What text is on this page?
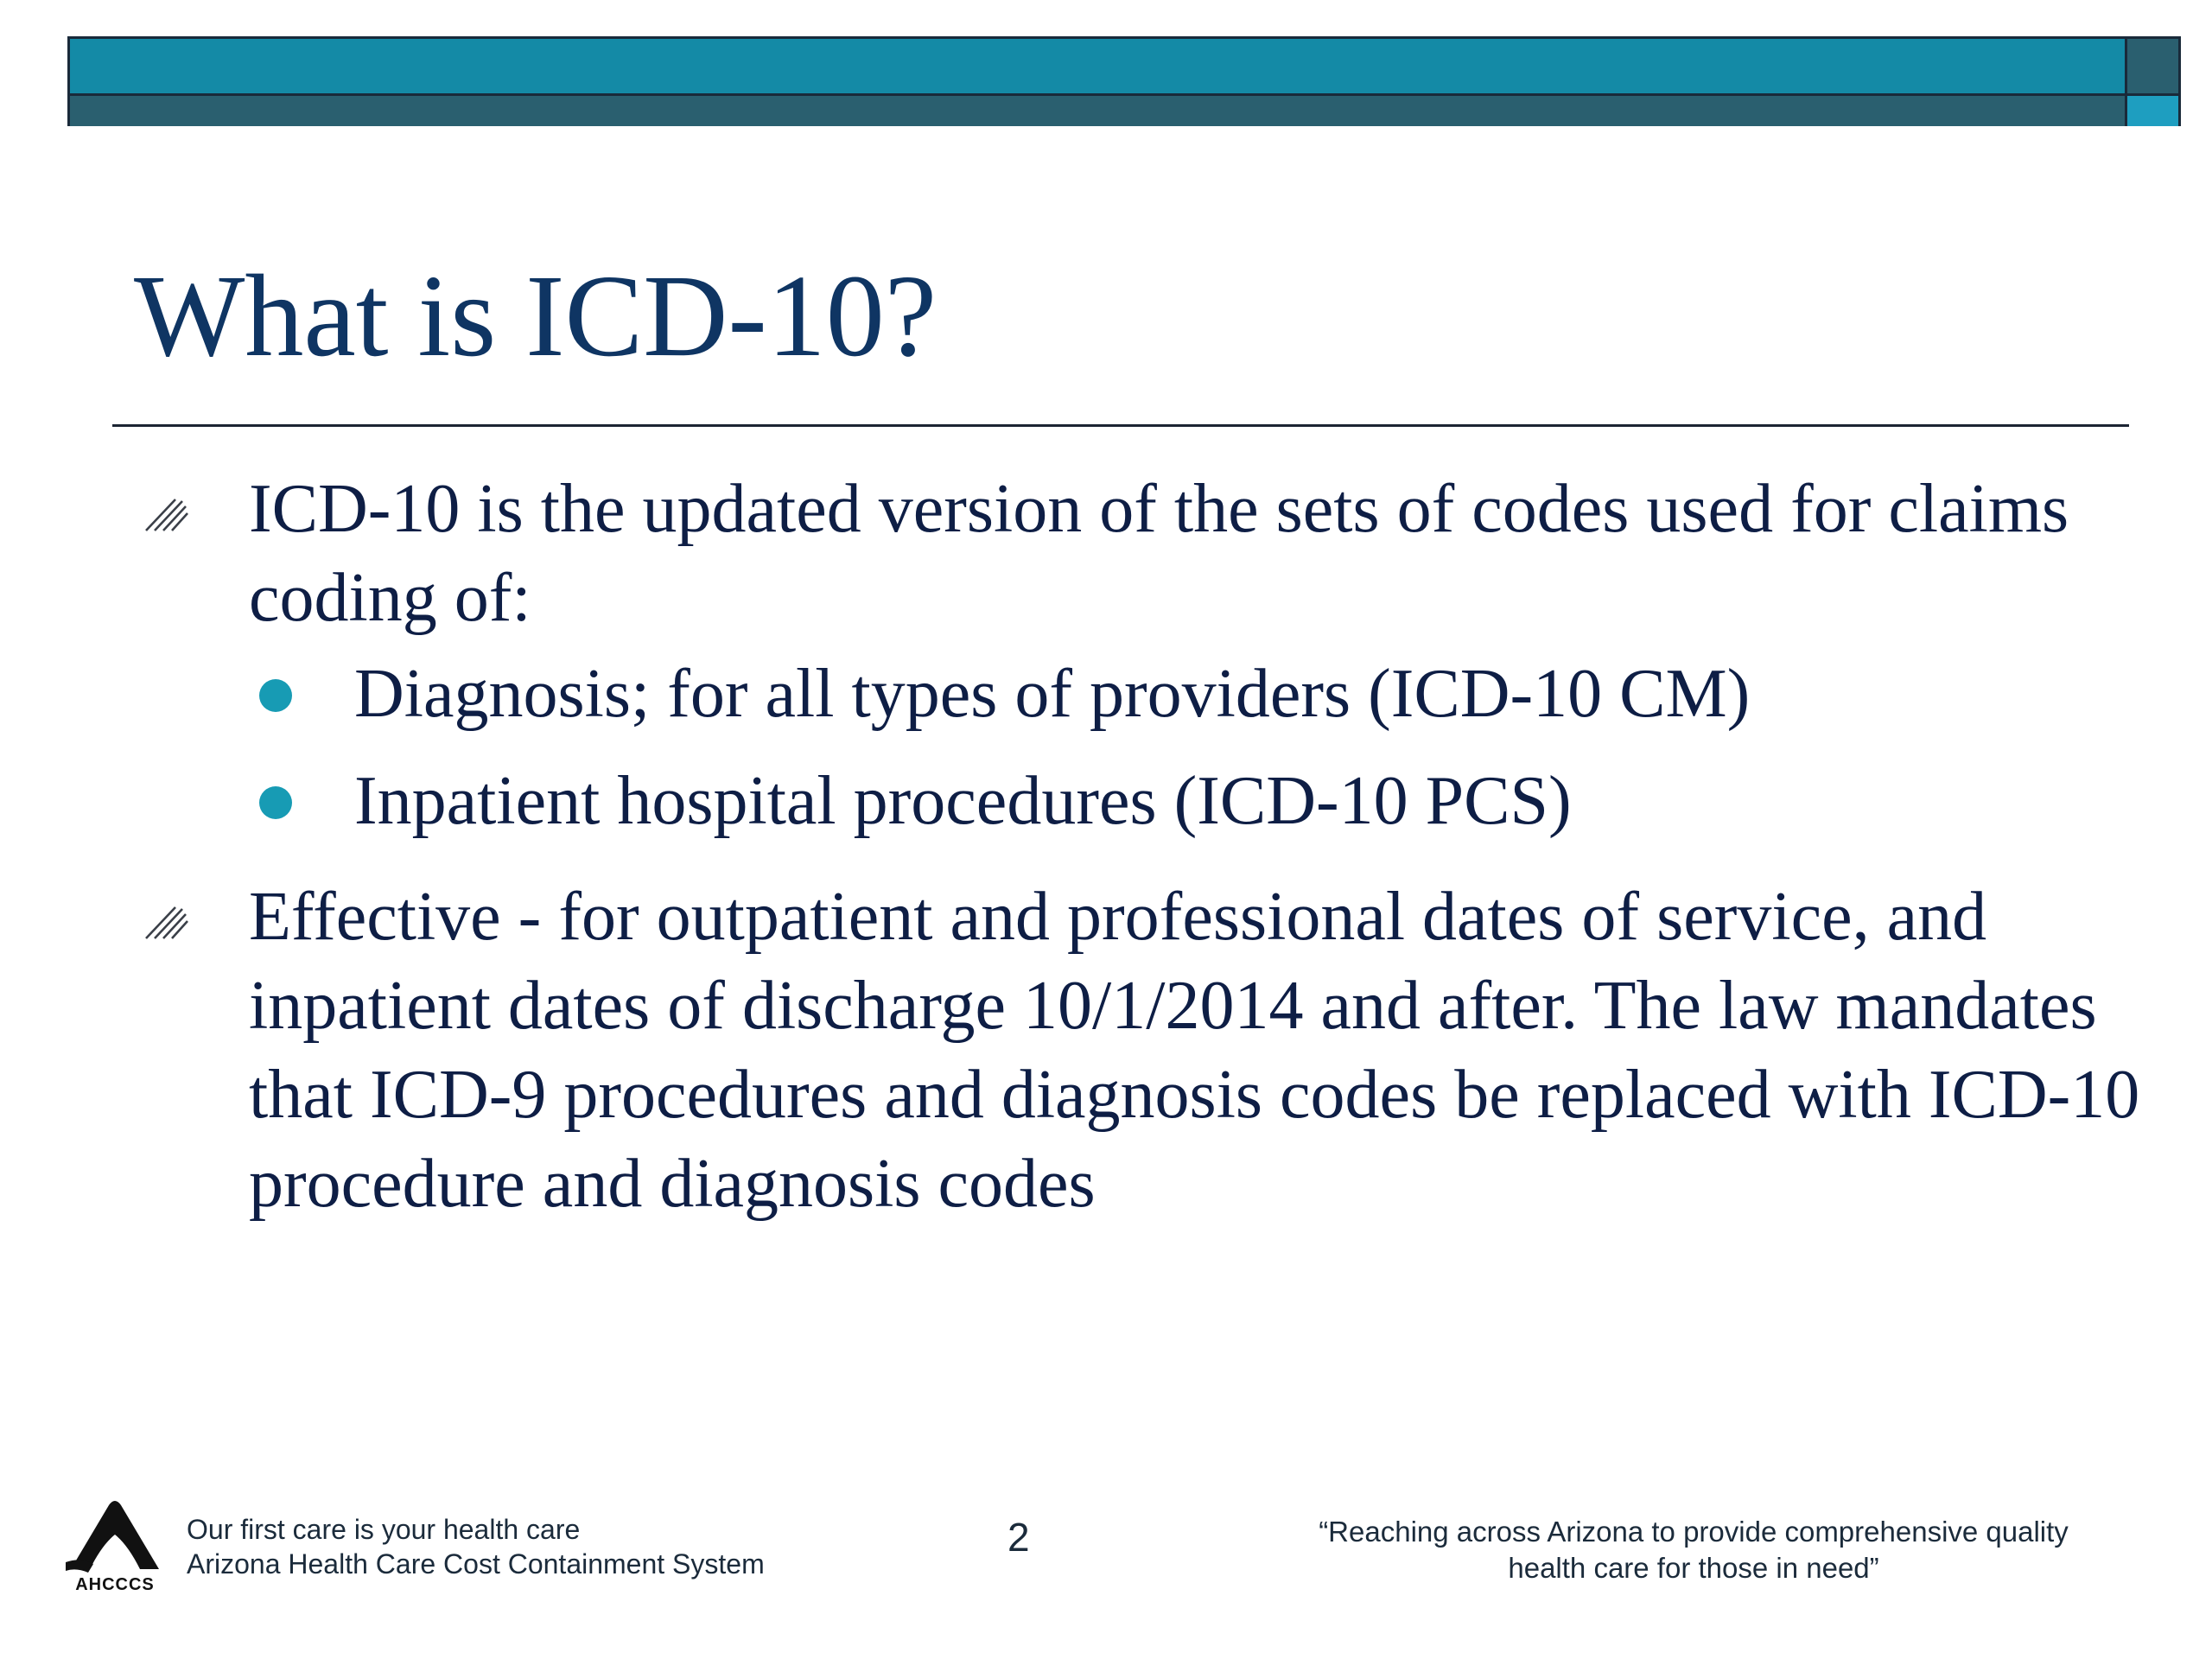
What is ICD-10?

ICD-10 is the updated version of the sets of codes used for claims coding of:

Diagnosis; for all types of providers (ICD-10 CM)

Inpatient hospital procedures (ICD-10 PCS)

Effective - for outpatient and professional dates of service, and inpatient dates of discharge 10/1/2014 and after. The law mandates that ICD-9 procedures and diagnosis codes be replaced with ICD-10 procedure and diagnosis codes

AHCCCS
Our first care is your health care
Arizona Health Care Cost Containment System
2	“Reaching across Arizona to provide comprehensive quality
health care for those in need”
